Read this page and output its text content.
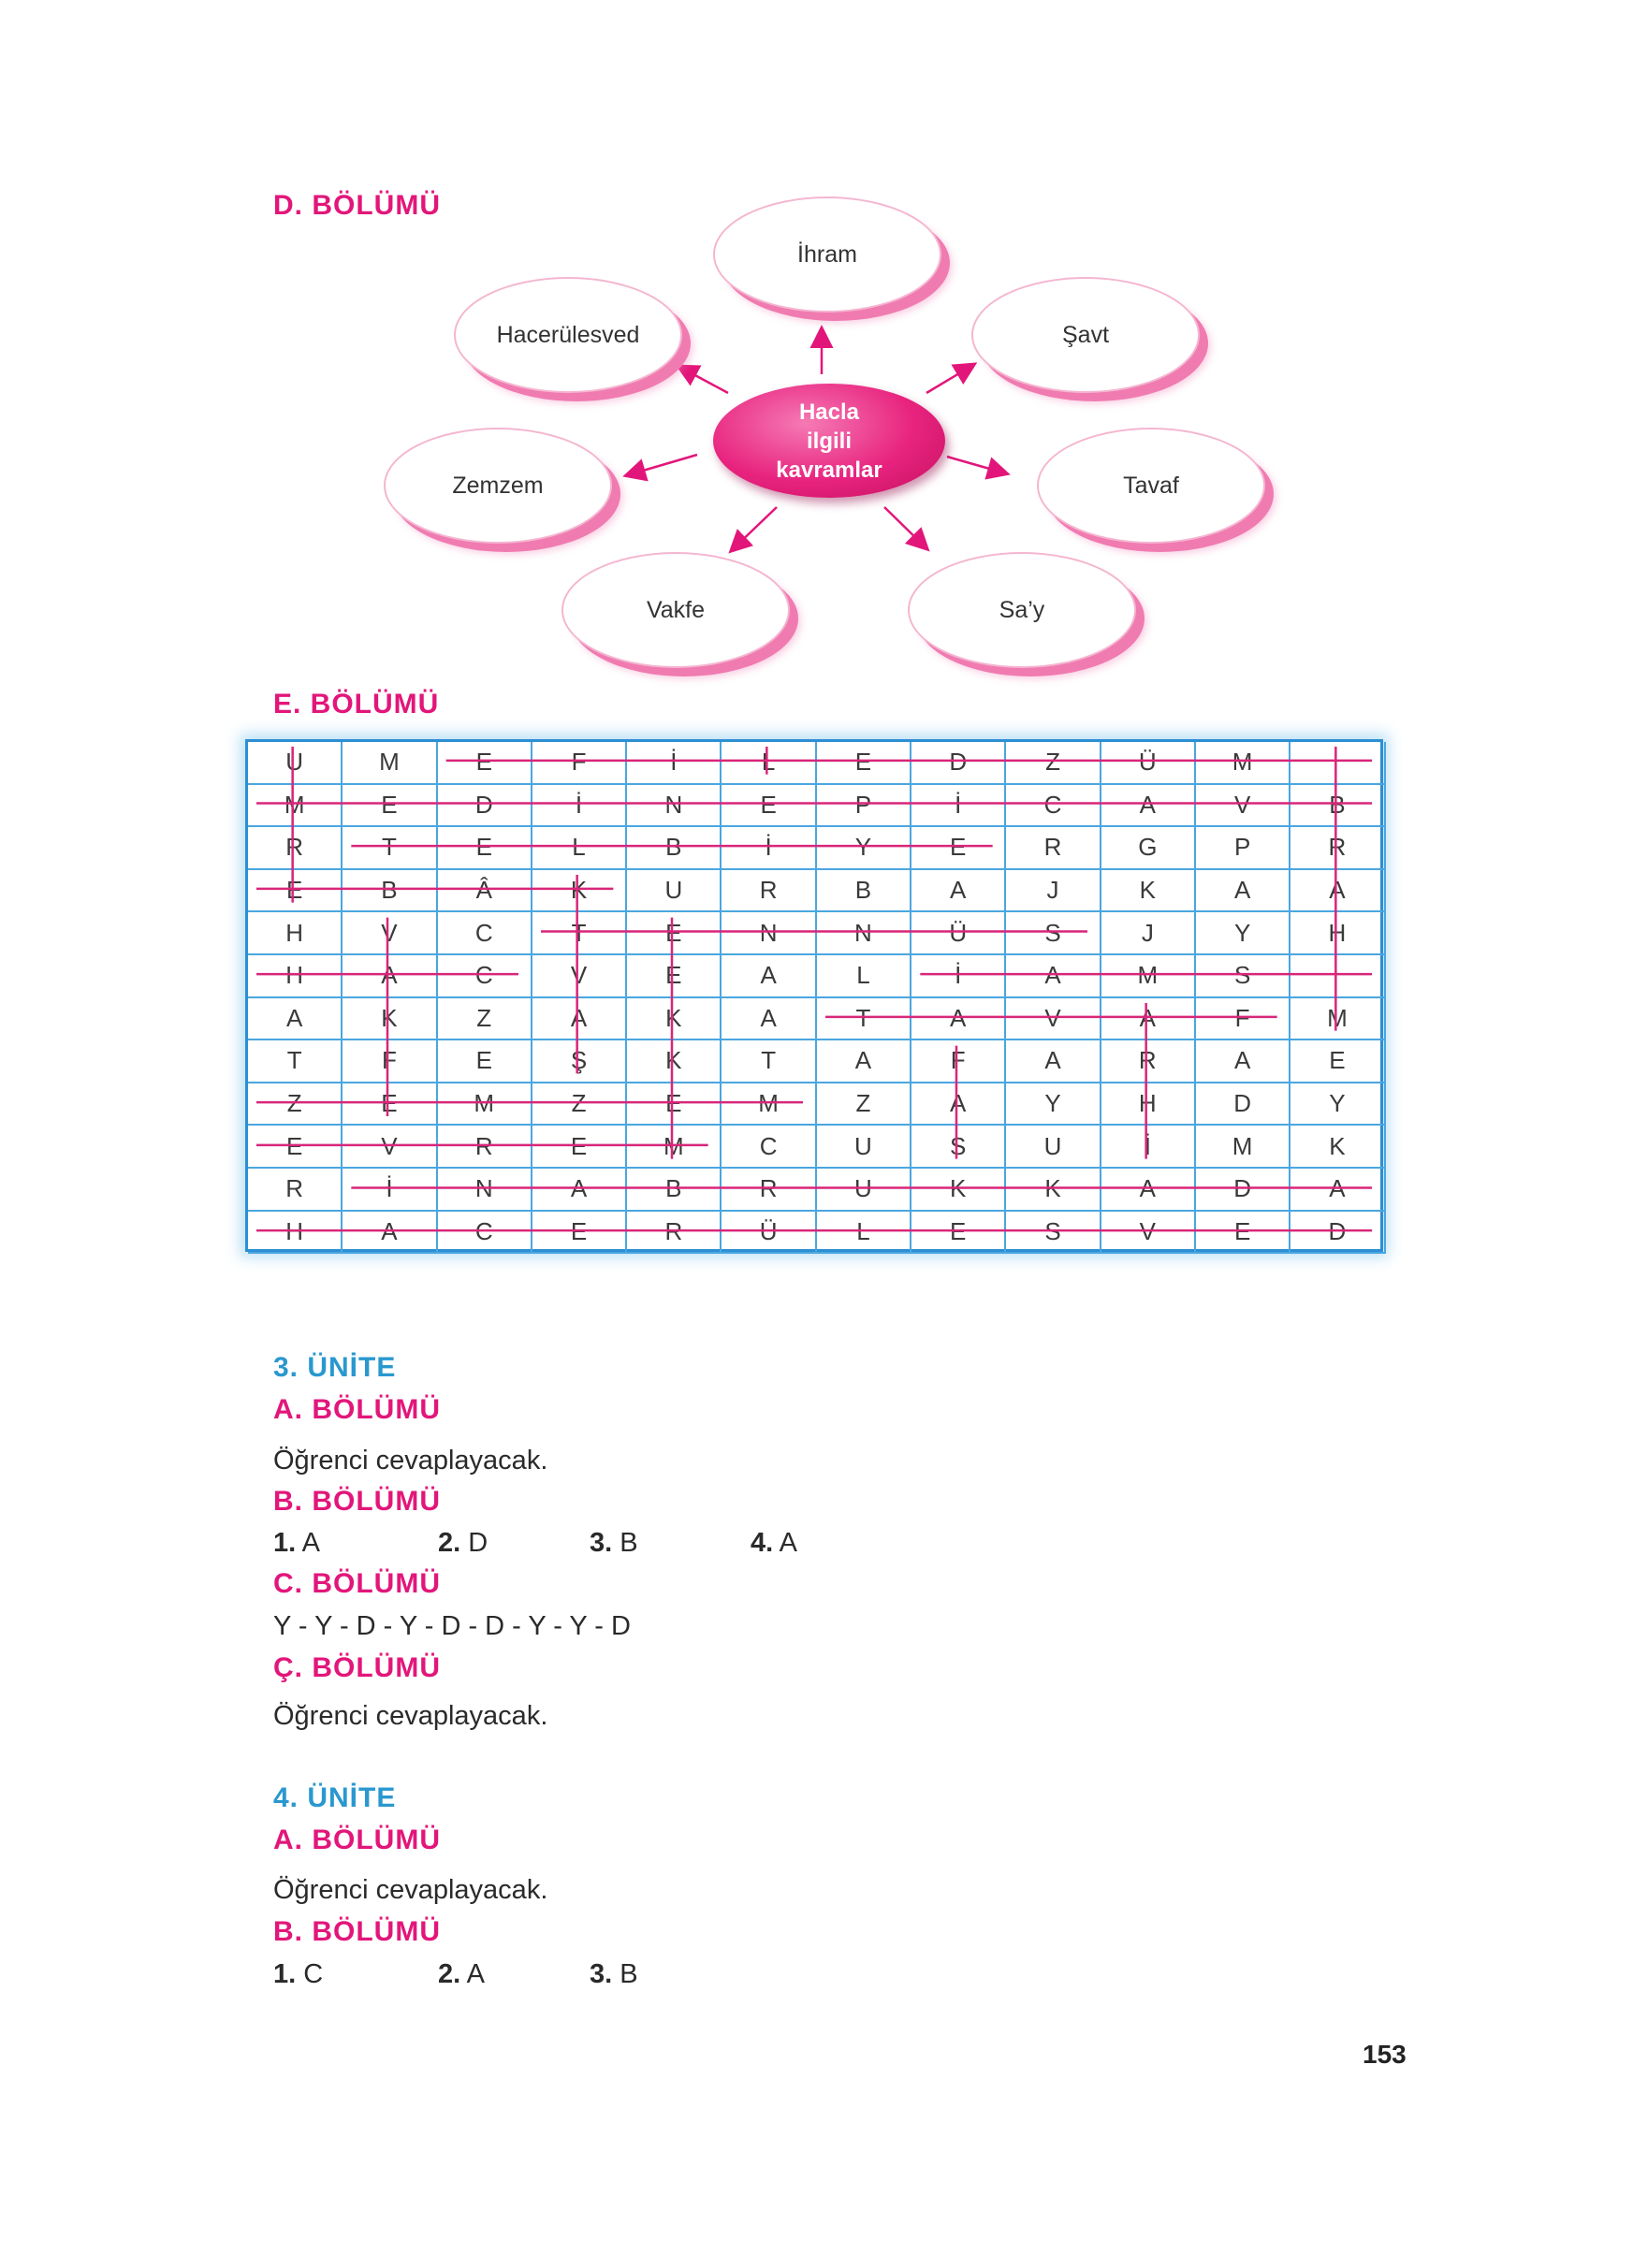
D. BÖLÜMÜ
İhram
Hacerülesved	Şavt
Zemzem	Tavaf
Vakfe	Sa’y
Hacla
ilgili
kavramlar
E. BÖLÜMÜ
U	M	E	F	İ	L	E	D	Z	Ü	M
M	E	D	İ	N	E	P	İ	C	A	V	B
R	T	E	L	B	İ	Y	E	R	G	P	R
E	B	Â	K	U	R	B	A	J	K	A	A
H	V	C	T	E	N	N	Ü	S	J	Y	H
H	A	C	V	E	A	L	İ	A	M	S
A	K	Z	A	K	A	T	A	V	A	F	M
T	F	E	Ş	K	T	A	F	A	R	A	E
Z	E	M	Z	E	M	Z	A	Y	H	D	Y
E	V	R	E	M	C	U	S	U	İ	M	K
R	İ	N	A	B	R	U	K	K	A	D	A
H	A	C	E	R	Ü	L	E	S	V	E	D
3. ÜNİTE
A. BÖLÜMÜ

Öğrenci cevaplayacak.

B. BÖLÜMÜ
1. A	2. D	3. B	4. A
C. BÖLÜMÜ

Y - Y - D - Y - D - D - Y - Y - D

Ç. BÖLÜMÜ

Öğrenci cevaplayacak.

4. ÜNİTE
A. BÖLÜMÜ

Öğrenci cevaplayacak.

B. BÖLÜMÜ
1. C	2. A	3. B
153
